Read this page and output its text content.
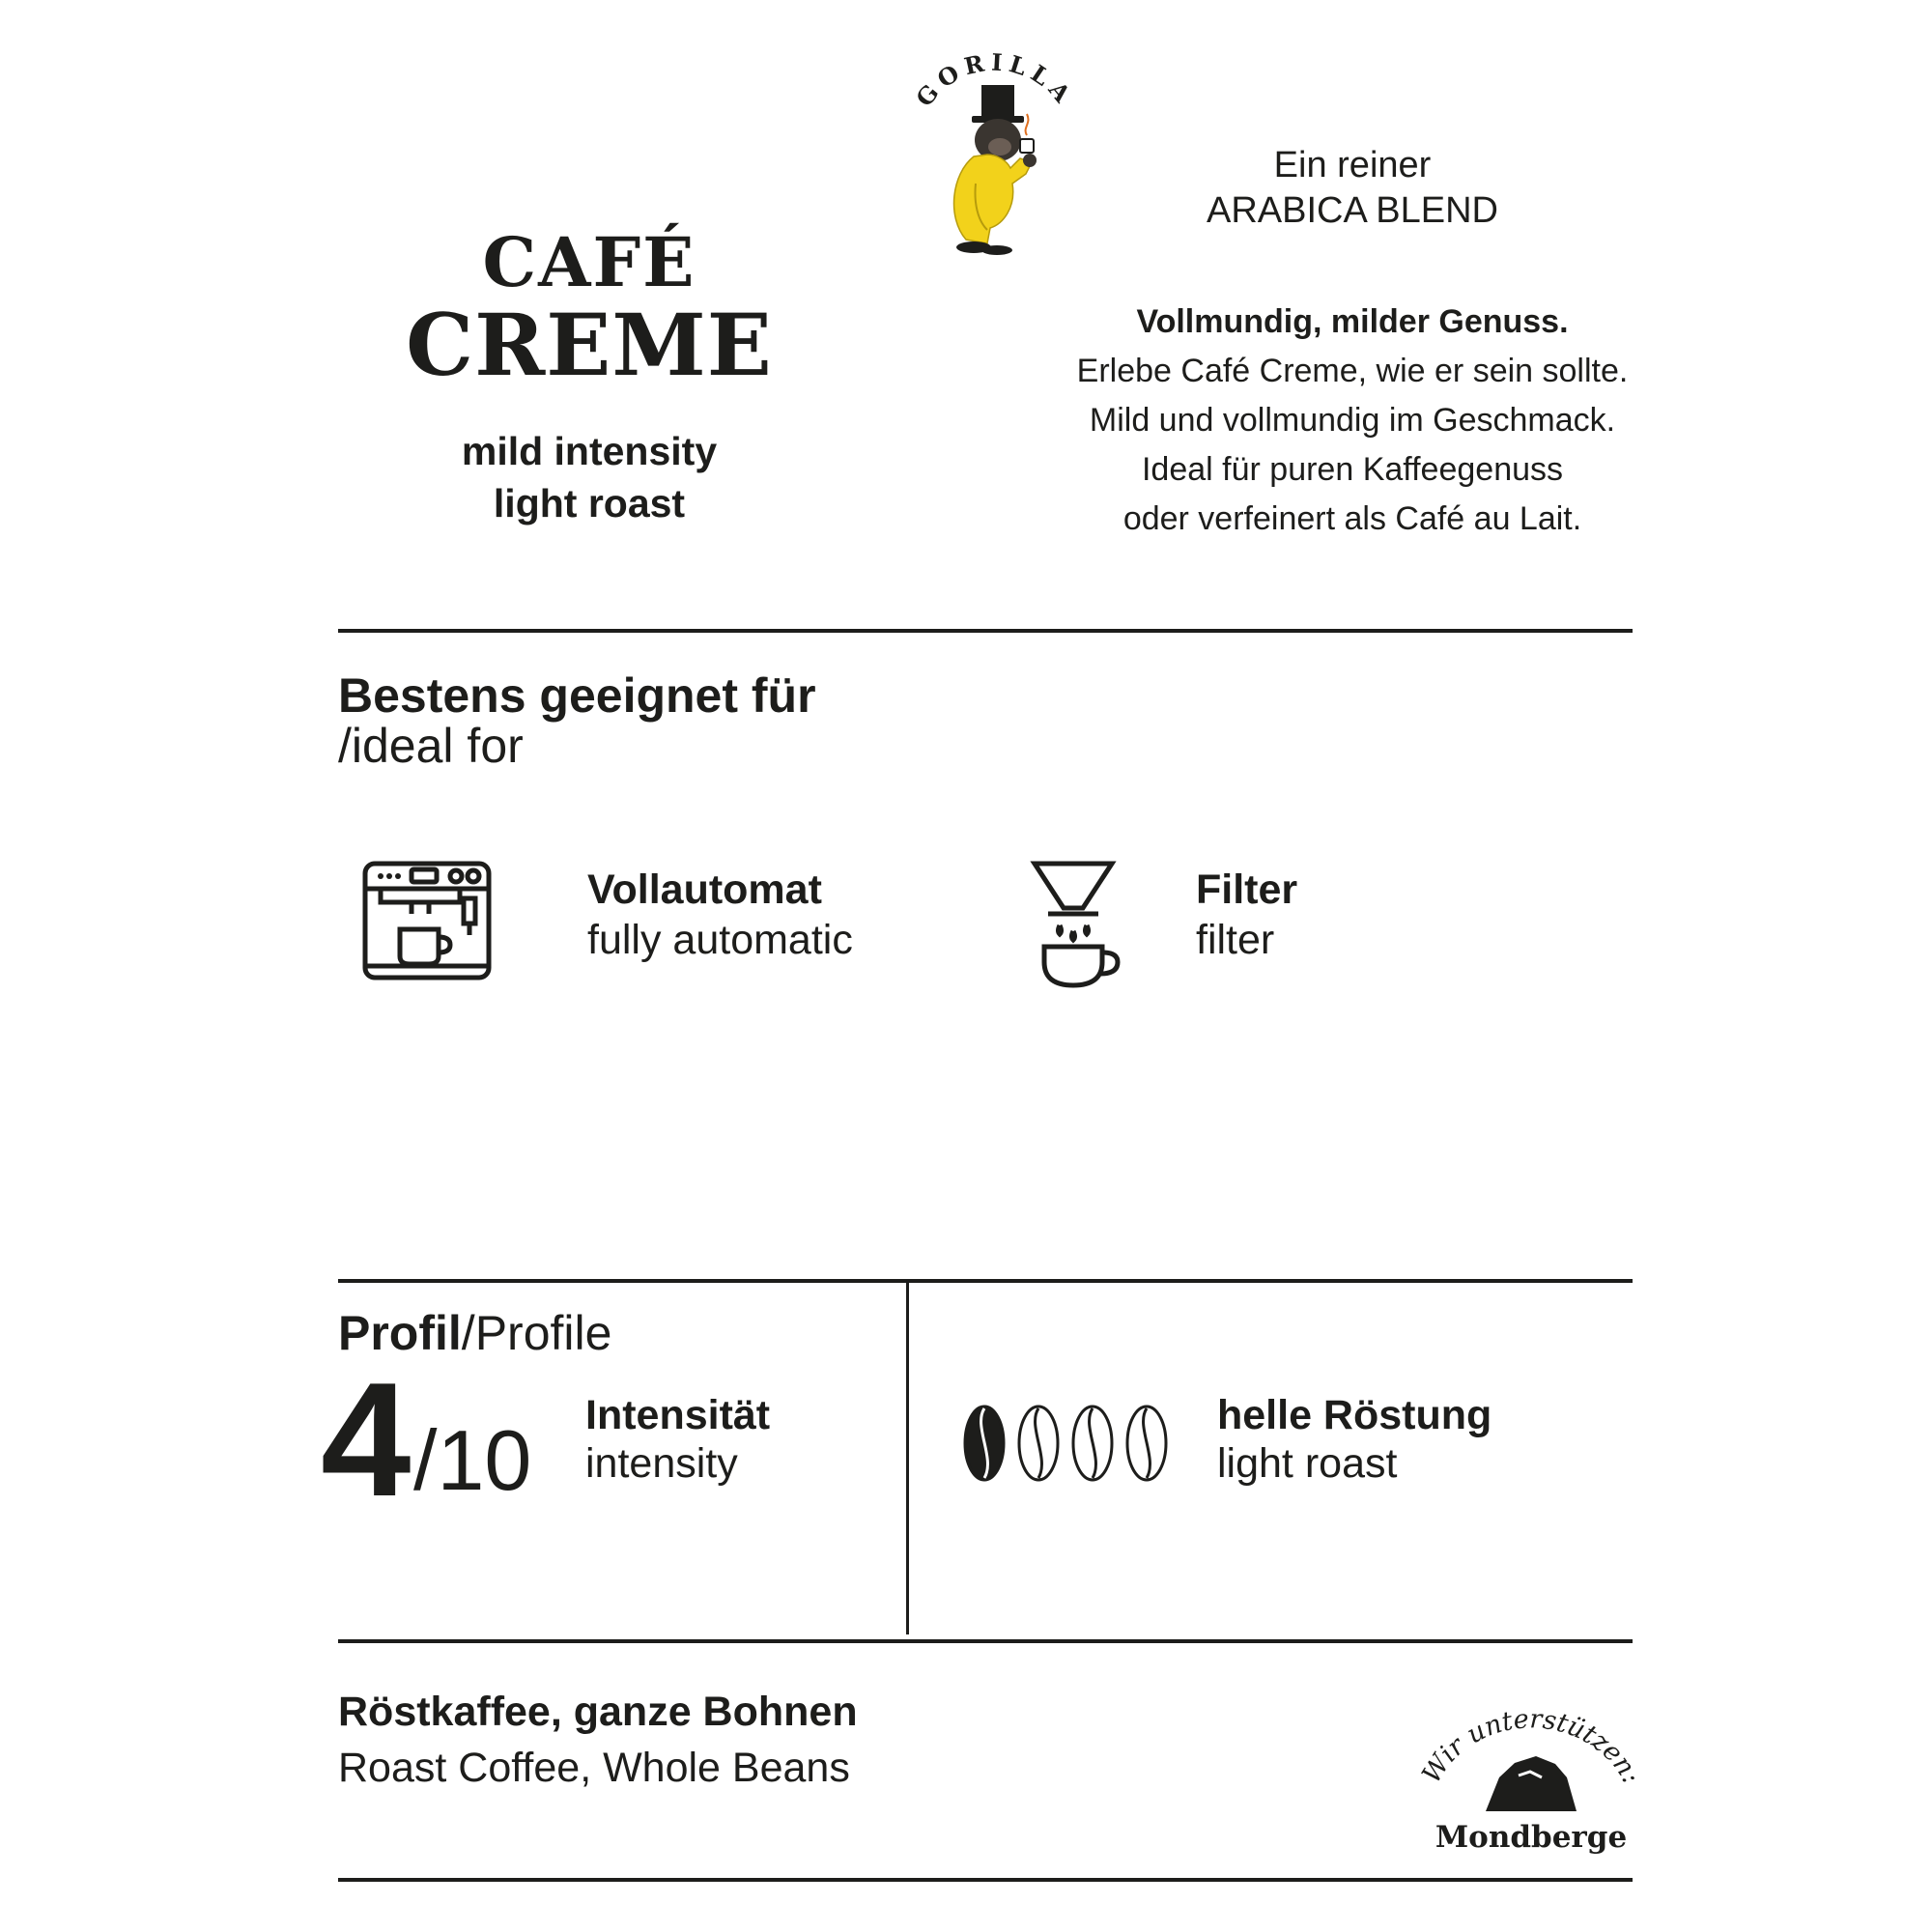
GORILLA
CAFÉ
CREME
mild intensity
light roast
Ein reiner
ARABICA BLEND
Vollmundig, milder Genuss.
Erlebe Café Creme, wie er sein sollte.
Mild und vollmundig im Geschmack.
Ideal für puren Kaffeegenuss
oder verfeinert als Café au Lait.
Bestens geeignet für
/ideal for
Vollautomat
fully automatic
Filter
filter
Profil/Profile
4 /10 Intensität
intensity
helle Röstung
light roast
Röstkaffee, ganze Bohnen
Roast Coffee, Whole Beans	Wir unterstützen:
Mondberge
